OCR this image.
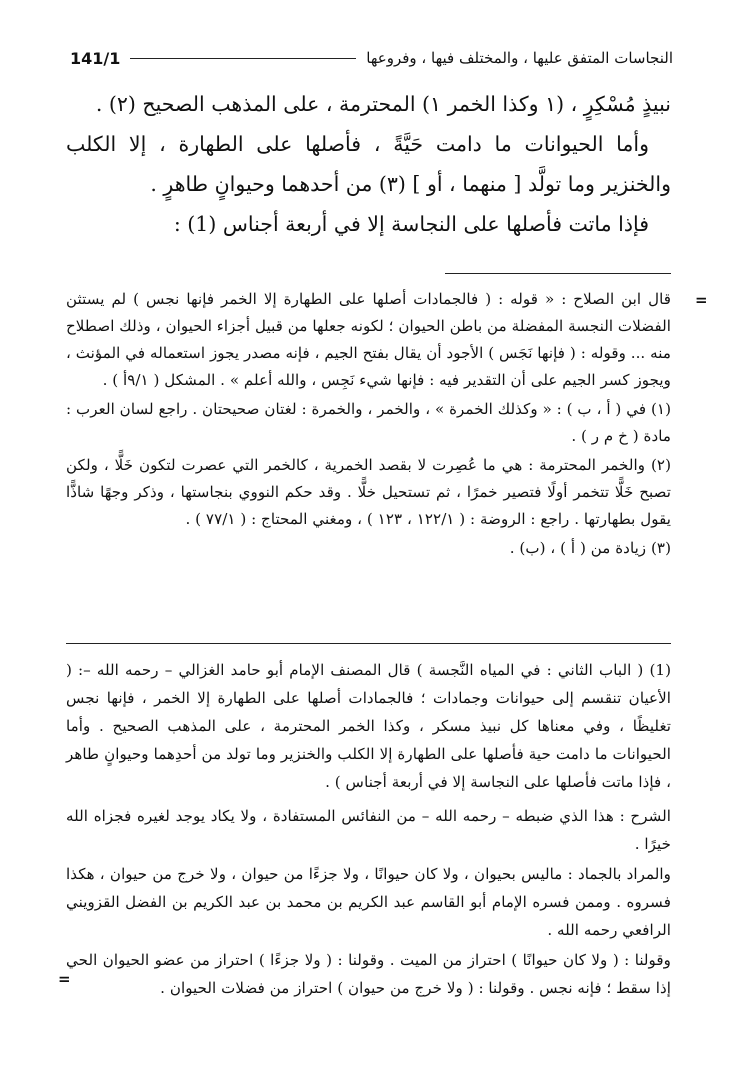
141/1	النجاسات المتفق عليها ، والمختلف فيها ، وفروعها

نبيذٍ مُسْكِرٍ ، (١ وكذا الخمر ١) المحترمة ، على المذهب الصحيح (٢) .

وأما الحيوانات ما دامت حَيَّةً ، فأصلها على الطهارة ، إلا الكلب والخنزير وما تولَّد [ منهما ، أو ] (٣) من أحدهما وحيوانٍ طاهرٍ .

فإذا ماتت فأصلها على النجاسة إلا في أربعة أجناس (1) :

=

قال ابن الصلاح : « قوله : ( فالجمادات أصلها على الطهارة إلا الخمر فإنها نجس ) لم يستثن الفضلات النجسة المفضلة من باطن الحيوان ؛ لكونه جعلها من قبيل أجزاء الحيوان ، وذلك اصطلاح منه ... وقوله : ( فإنها نَجَس ) الأجود أن يقال بفتح الجيم ، فإنه مصدر يجوز استعماله في المؤنث ، ويجوز كسر الجيم على أن التقدير فيه : فإنها شيء نَجِس ، والله أعلم » . المشكل ( ٩/١أ ) .

(١) في ( أ ، ب ) : « وكذلك الخمرة » ، والخمر ، والخمرة : لغتان صحيحتان . راجع لسان العرب : مادة ( خ م ر ) .

(٢) والخمر المحترمة : هي ما عُصِرت لا بقصد الخمرية ، كالخمر التي عصرت لتكون خَلًّا ، ولكن تصبح خَلًّا تتخمر أولًا فتصير خمرًا ، ثم تستحيل خلًّا . وقد حكم النووي بنجاستها ، وذكر وجهًا شاذًّا يقول بطهارتها . راجع : الروضة : ( ١٢٢/١ ، ١٢٣ ) ، ومغني المحتاج : ( ٧٧/١ ) .

(٣) زيادة من ( أ ) ، (ب) .

(1) ( الباب الثاني : في المياه النَّجسة ) قال المصنف الإمام أبو حامد الغزالي – رحمه الله –: ( الأعيان تنقسم إلى حيوانات وجمادات ؛ فالجمادات أصلها على الطهارة إلا الخمر ، فإنها نجس تغليظًا ، وفي معناها كل نبيذ مسكر ، وكذا الخمر المحترمة ، على المذهب الصحيح . وأما الحيوانات ما دامت حية فأصلها على الطهارة إلا الكلب والخنزير وما تولد من أحدِهما وحيوانٍ طاهر ، فإذا ماتت فأصلها على النجاسة إلا في أربعة أجناس ) .

الشرح : هذا الذي ضبطه – رحمه الله – من النفائس المستفادة ، ولا يكاد يوجد لغيره فجزاه الله خيرًا .

والمراد بالجماد : ماليس بحيوان ، ولا كان حيوانًا ، ولا جزءًا من حيوان ، ولا خرج من حيوان ، هكذا فسروه . وممن فسره الإمام أبو القاسم عبد الكريم بن محمد بن عبد الكريم بن الفضل القزويني الرافعي رحمه الله .

وقولنا : ( ولا كان حيوانًا ) احتراز من الميت . وقولنا : ( ولا جزءًا ) احتراز من عضو الحيوان الحي إذا سقط ؛ فإنه نجس . وقولنا : ( ولا خرج من حيوان ) احتراز من فضلات الحيوان .

=
